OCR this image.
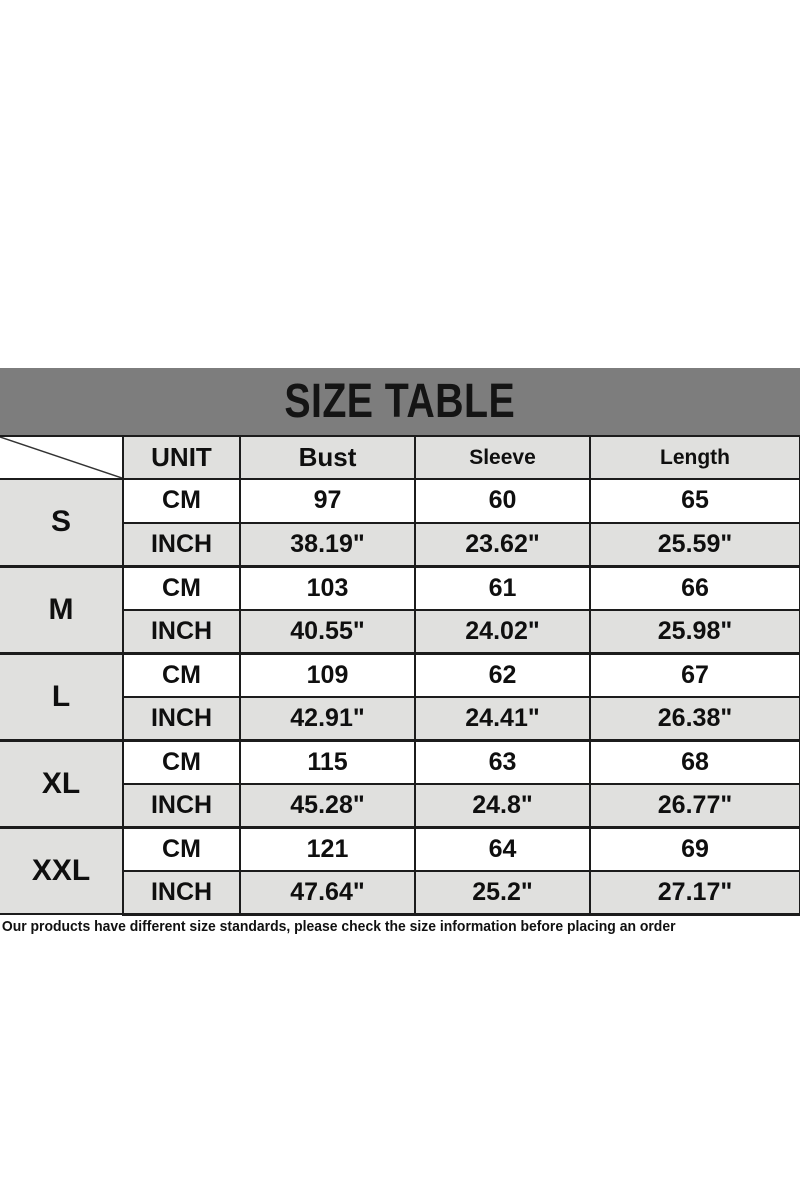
SIZE TABLE
	UNIT	Bust	Sleeve	Length
S	CM	97	60	65
	INCH	38.19"	23.62"	25.59"
M	CM	103	61	66
	INCH	40.55"	24.02"	25.98"
L	CM	109	62	67
	INCH	42.91"	24.41"	26.38"
XL	CM	115	63	68
	INCH	45.28"	24.8"	26.77"
XXL	CM	121	64	69
	INCH	47.64"	25.2"	27.17"
Our products have different size standards, please check the size information before placing an order
